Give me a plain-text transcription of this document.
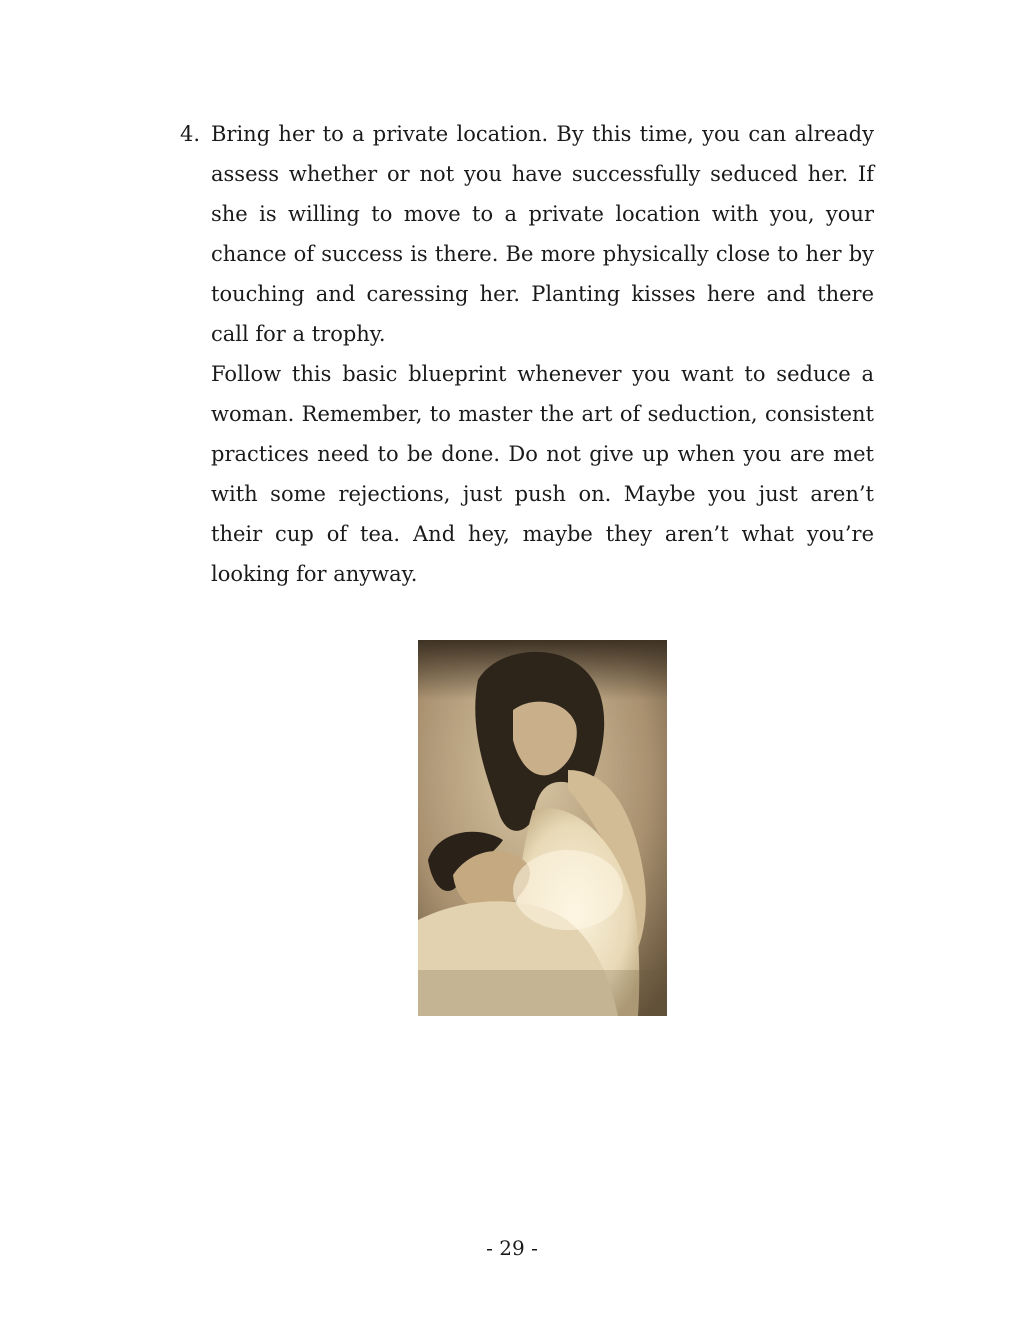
4. Bring her to a private location. By this time, you can already assess whether or not you have successfully seduced her. If she is willing to move to a private location with you, your chance of success is there. Be more physically close to her by touching and caressing her. Planting kisses here and there call for a trophy.
Follow this basic blueprint whenever you want to seduce a woman. Remember, to master the art of seduction, consistent practices need to be done. Do not give up when you are met with some rejections, just push on. Maybe you just aren’t their cup of tea. And hey, maybe they aren’t what you’re looking for anyway.
- 29 -
